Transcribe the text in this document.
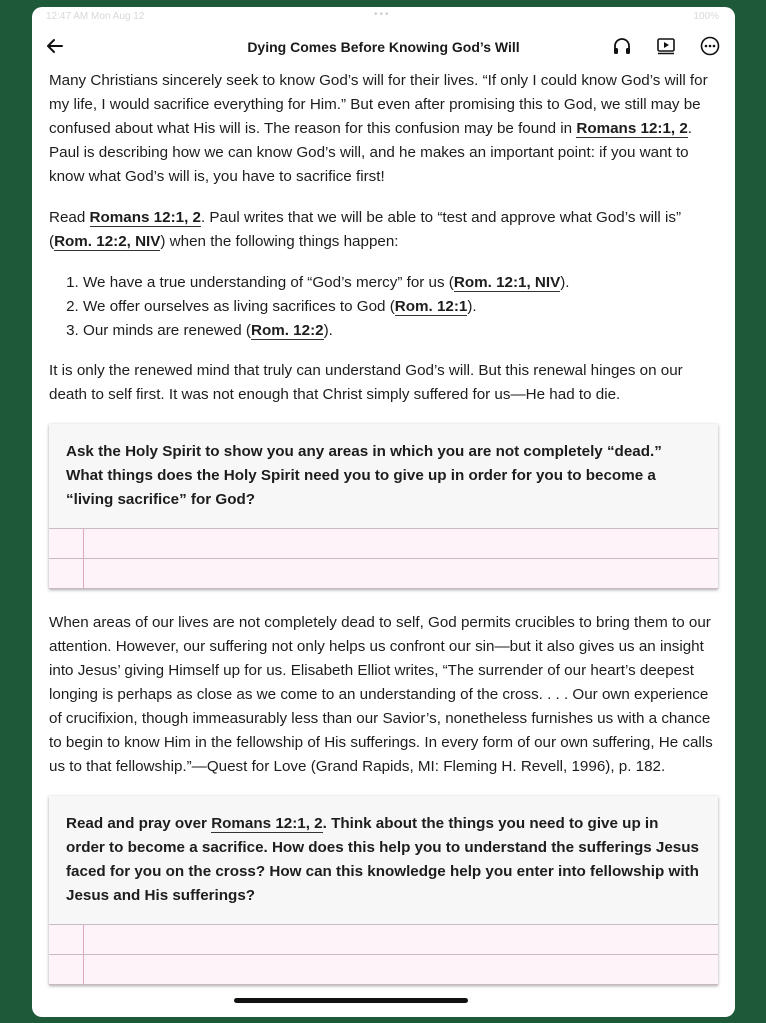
12:47 AM Mon Aug 12	•••	100%
Dying Comes Before Knowing God’s Will

Many Christians sincerely seek to know God’s will for their lives. “If only I could know God’s will for my life, I would sacrifice everything for Him.” But even after promising this to God, we still may be confused about what His will is. The reason for this confusion may be found in Romans 12:1, 2. Paul is describing how we can know God’s will, and he makes an important point: if you want to know what God’s will is, you have to sacrifice first!

Read Romans 12:1, 2. Paul writes that we will be able to “test and approve what God’s will is” (Rom. 12:2, NIV) when the following things happen:

1. We have a true understanding of “God’s mercy” for us (Rom. 12:1, NIV).
2. We offer ourselves as living sacrifices to God (Rom. 12:1).
3. Our minds are renewed (Rom. 12:2).

It is only the renewed mind that truly can understand God’s will. But this renewal hinges on our death to self first. It was not enough that Christ simply suffered for us—He had to die.

Ask the Holy Spirit to show you any areas in which you are not completely “dead.” What things does the Holy Spirit need you to give up in order for you to become a “living sacrifice” for God?

When areas of our lives are not completely dead to self, God permits crucibles to bring them to our attention. However, our suffering not only helps us confront our sin—but it also gives us an insight into Jesus’ giving Himself up for us. Elisabeth Elliot writes, “The surrender of our heart’s deepest longing is perhaps as close as we come to an understanding of the cross. . . . Our own experience of crucifixion, though immeasurably less than our Savior’s, nonetheless furnishes us with a chance to begin to know Him in the fellowship of His sufferings. In every form of our own suffering, He calls us to that fellowship.”—Quest for Love (Grand Rapids, MI: Fleming H. Revell, 1996), p. 182.

Read and pray over Romans 12:1, 2. Think about the things you need to give up in order to become a sacrifice. How does this help you to understand the sufferings Jesus faced for you on the cross? How can this knowledge help you enter into fellowship with Jesus and His sufferings?
